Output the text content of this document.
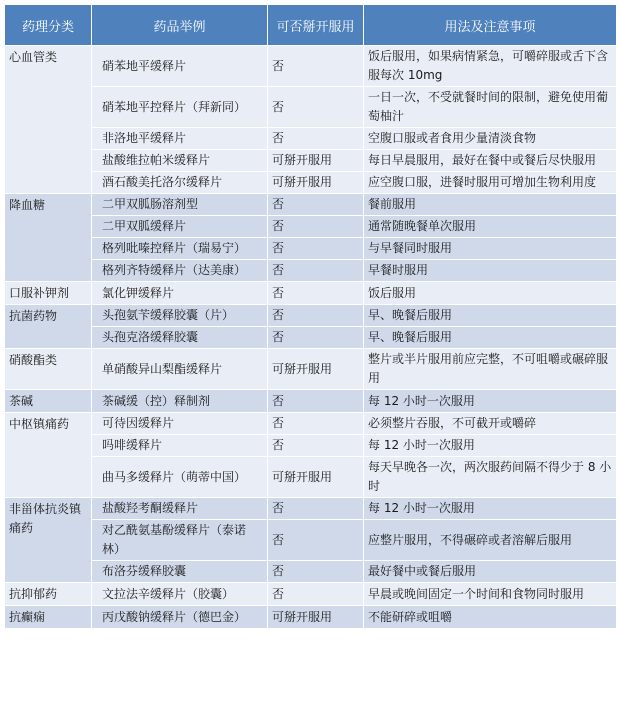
药理分类	药品举例	可否掰开服用	用法及注意事项
心血管类	硝苯地平缓释片	否	饭后服用，如果病情紧急，可嚼碎服或舌下含服每次 10mg
	硝苯地平控释片（拜新同）	否	一日一次，不受就餐时间的限制，避免使用葡萄柚汁
	非洛地平缓释片	否	空腹口服或者食用少量清淡食物
	盐酸维拉帕米缓释片	可掰开服用	每日早晨服用，最好在餐中或餐后尽快服用
	酒石酸美托洛尔缓释片	可掰开服用	应空腹口服，进餐时服用可增加生物利用度
降血糖	二甲双胍肠溶剂型	否	餐前服用
	二甲双胍缓释片	否	通常随晚餐单次服用
	格列吡嗪控释片（瑞易宁）	否	与早餐同时服用
	格列齐特缓释片（达美康）	否	早餐时服用
口服补钾剂	氯化钾缓释片	否	饭后服用
抗菌药物	头孢氨苄缓释胶囊（片）	否	早、晚餐后服用
	头孢克洛缓释胶囊	否	早、晚餐后服用
硝酸酯类	单硝酸异山梨酯缓释片	可掰开服用	整片或半片服用前应完整，不可咀嚼或碾碎服用
茶碱	茶碱缓（控）释制剂	否	每 12 小时一次服用
中枢镇痛药	可待因缓释片	否	必须整片吞服，不可截开或嚼碎
	吗啡缓释片	否	每 12 小时一次服用
	曲马多缓释片（萌蒂中国）	可掰开服用	每天早晚各一次，两次服药间隔不得少于 8 小时
非甾体抗炎镇痛药	盐酸羟考酮缓释片	否	每 12 小时一次服用
	对乙酰氨基酚缓释片（泰诺林）	否	应整片服用，不得碾碎或者溶解后服用
	布洛芬缓释胶囊	否	最好餐中或餐后服用
抗抑郁药	文拉法辛缓释片（胶囊）	否	早晨或晚间固定一个时间和食物同时服用
抗癫痫	丙戊酸钠缓释片（德巴金）	可掰开服用	不能研碎或咀嚼
